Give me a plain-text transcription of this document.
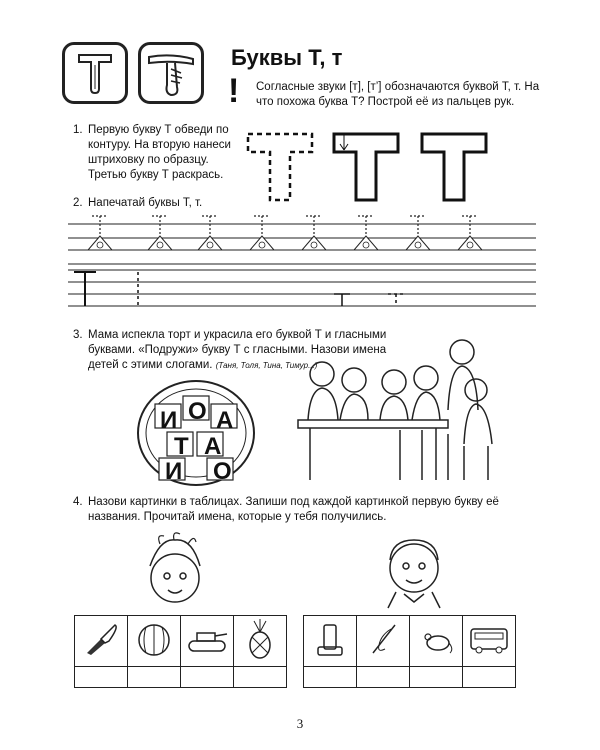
Буквы Т, т
! Согласные звуки [т], [т’] обозначаются буквой Т, т. На что похожа буква Т? Построй её из пальцев рук.
1. Первую букву Т обведи по контуру. На вторую нанеси штриховку по образцу. Третью букву Т раскрась.
2. Напечатай буквы Т, т.
3. Мама испекла торт и украсила его буквой Т и гласными буквами. «Подружи» букву Т с гласными. Назови имена детей с этими слогами. (Таня, Толя, Тина, Тимур...)
И О А
Т А
И О
4. Назови картинки в таблицах. Запиши под каждой картинкой первую букву её названия. Прочитай имена, которые у тебя получились.

3
